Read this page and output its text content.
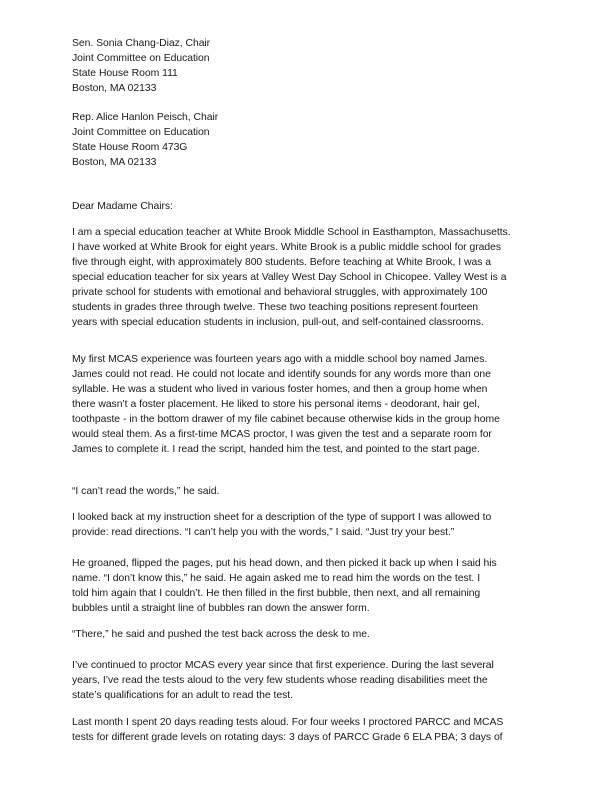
Sen. Sonia Chang-Diaz, Chair
Joint Committee on Education
State House Room 111
Boston, MA 02133
Rep. Alice Hanlon Peisch, Chair
Joint Committee on Education
State House Room 473G
Boston, MA 02133
Dear Madame Chairs:
I am a special education teacher at White Brook Middle School in Easthampton, Massachusetts.
I have worked at White Brook for eight years. White Brook is a public middle school for grades
five through eight, with approximately 800 students. Before teaching at White Brook, I was a
special education teacher for six years at Valley West Day School in Chicopee. Valley West is a
private school for students with emotional and behavioral struggles, with approximately 100
students in grades three through twelve. These two teaching positions represent fourteen
years with special education students in inclusion, pull-out, and self-contained classrooms.
My first MCAS experience was fourteen years ago with a middle school boy named James.
James could not read. He could not locate and identify sounds for any words more than one
syllable. He was a student who lived in various foster homes, and then a group home when
there wasn’t a foster placement. He liked to store his personal items - deodorant, hair gel,
toothpaste - in the bottom drawer of my file cabinet because otherwise kids in the group home
would steal them. As a first-time MCAS proctor, I was given the test and a separate room for
James to complete it. I read the script, handed him the test, and pointed to the start page.
“I can’t read the words,” he said.
I looked back at my instruction sheet for a description of the type of support I was allowed to
provide: read directions. “I can’t help you with the words,” I said. “Just try your best.”
He groaned, flipped the pages, put his head down, and then picked it back up when I said his
name. “I don’t know this,” he said. He again asked me to read him the words on the test. I
told him again that I couldn’t. He then filled in the first bubble, then next, and all remaining
bubbles until a straight line of bubbles ran down the answer form.
“There,” he said and pushed the test back across the desk to me.
I’ve continued to proctor MCAS every year since that first experience. During the last several
years, I’ve read the tests aloud to the very few students whose reading disabilities meet the
state’s qualifications for an adult to read the test.
Last month I spent 20 days reading tests aloud. For four weeks I proctored PARCC and MCAS
tests for different grade levels on rotating days: 3 days of PARCC Grade 6 ELA PBA; 3 days of
